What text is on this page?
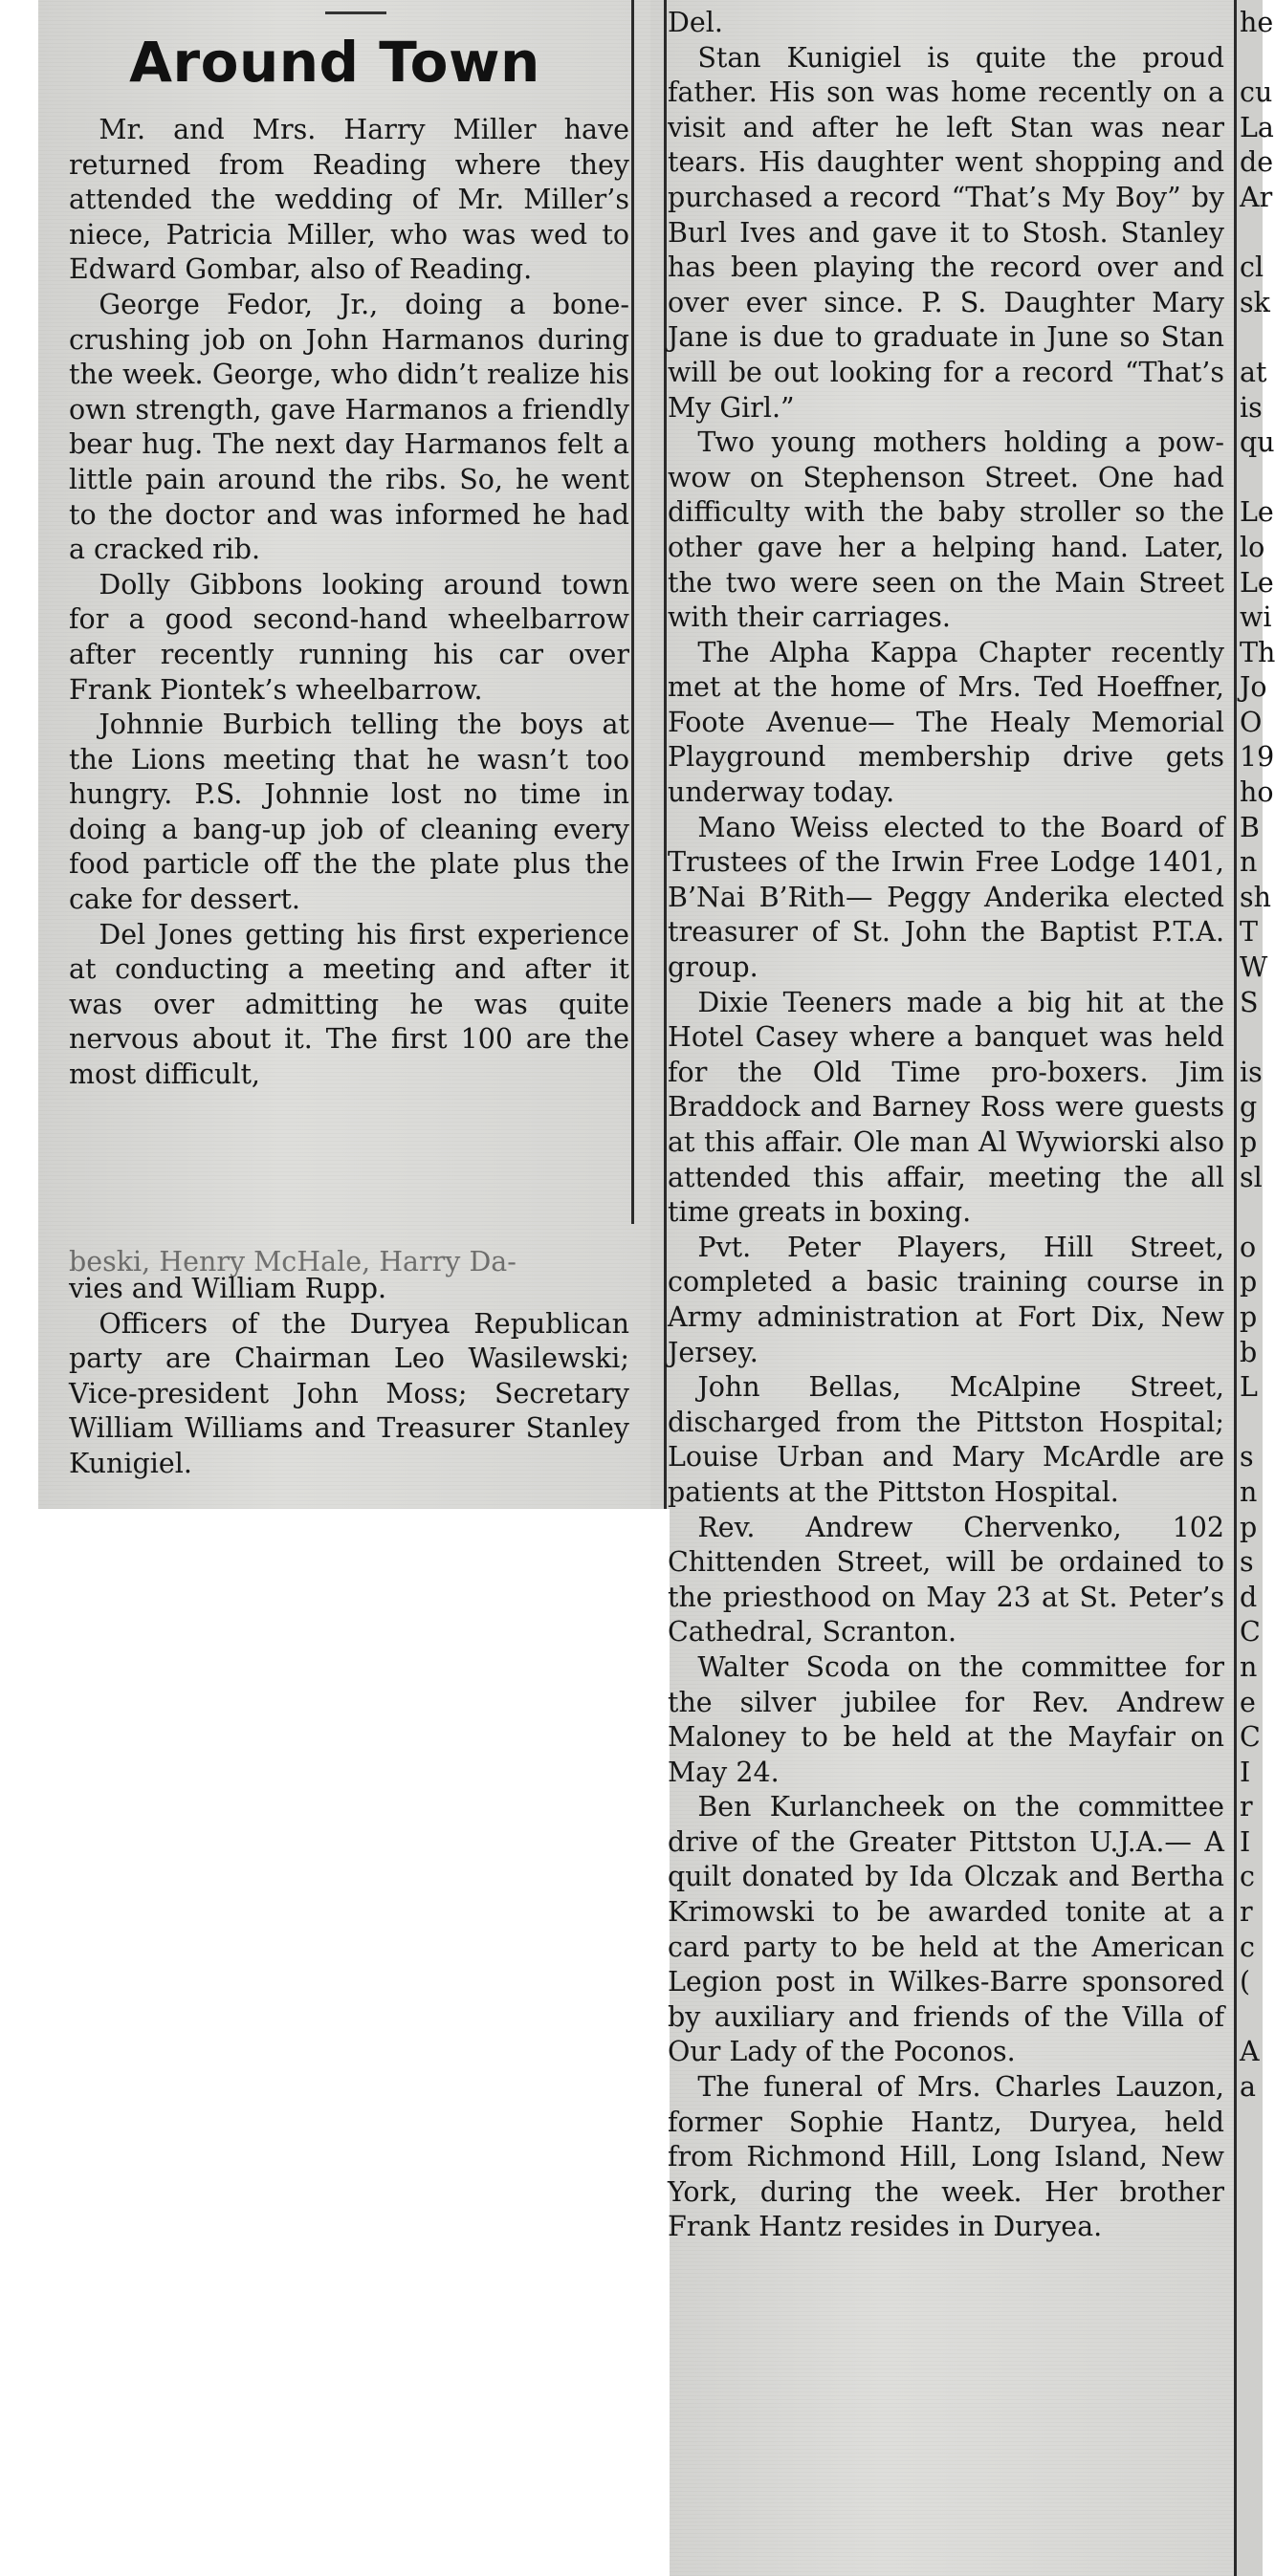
Around Town

Mr. and Mrs. Harry Miller have returned from Reading where they attended the wedding of Mr. Miller’s niece, Patricia Miller, who was wed to Edward Gombar, also of Reading.

George Fedor, Jr., doing a bone-crushing job on John Harmanos during the week. George, who didn’t realize his own strength, gave Harmanos a friendly bear hug. The next day Harmanos felt a little pain around the ribs. So, he went to the doctor and was informed he had a cracked rib.

Dolly Gibbons looking around town for a good second-hand wheelbarrow after recently running his car over Frank Piontek’s wheelbarrow.

Johnnie Burbich telling the boys at the Lions meeting that he wasn’t too hungry. P.S. Johnnie lost no time in doing a bang-up job of cleaning every food particle off the the plate plus the cake for dessert.

Del Jones getting his first experience at conducting a meeting and after it was over admitting he was quite nervous about it. The first 100 are the most difficult,

beski, Henry McHale, Harry Da-

vies and William Rupp.

Officers of the Duryea Republican party are Chairman Leo Wasilewski; Vice-president John Moss; Secretary William Williams and Treasurer Stanley Kunigiel.

Del.

Stan Kunigiel is quite the proud father. His son was home recently on a visit and after he left Stan was near tears. His daughter went shopping and purchased a record “That’s My Boy” by Burl Ives and gave it to Stosh. Stanley has been playing the record over and over ever since. P. S. Daughter Mary Jane is due to graduate in June so Stan will be out looking for a record “That’s My Girl.”

Two young mothers holding a pow-wow on Stephenson Street. One had difficulty with the baby stroller so the other gave her a helping hand. Later, the two were seen on the Main Street with their carriages.

The Alpha Kappa Chapter recently met at the home of Mrs. Ted Hoeffner, Foote Avenue— The Healy Memorial Playground membership drive gets underway today.

Mano Weiss elected to the Board of Trustees of the Irwin Free Lodge 1401, B’Nai B’Rith— Peggy Anderika elected treasurer of St. John the Baptist P.T.A. group.

Dixie Teeners made a big hit at the Hotel Casey where a banquet was held for the Old Time pro-boxers. Jim Braddock and Barney Ross were guests at this affair. Ole man Al Wywiorski also attended this affair, meeting the all time greats in boxing.

Pvt. Peter Players, Hill Street, completed a basic training course in Army administration at Fort Dix, New Jersey.

John Bellas, McAlpine Street, discharged from the Pittston Hospital; Louise Urban and Mary McArdle are patients at the Pittston Hospital.

Rev. Andrew Chervenko, 102 Chittenden Street, will be ordained to the priesthood on May 23 at St. Peter’s Cathedral, Scranton.

Walter Scoda on the committee for the silver jubilee for Rev. Andrew Maloney to be held at the Mayfair on May 24.

Ben Kurlancheek on the committee drive of the Greater Pittston U.J.A.— A quilt donated by Ida Olczak and Bertha Krimowski to be awarded tonite at a card party to be held at the American Legion post in Wilkes-Barre sponsored by auxiliary and friends of the Villa of Our Lady of the Poconos.

The funeral of Mrs. Charles Lauzon, former Sophie Hantz, Duryea, held from Richmond Hill, Long Island, New York, during the week. Her brother Frank Hantz resides in Duryea.

he

cu
La
de
Ar

cl
sk

at
is
qu

Le
lo
Le
wi
Th
Jo
O
19
ho
B
n
sh
T
W
S

is
g
p
sl

o
p
p
b
L

s
n
p
s
d
C
n
e
C
I
r
I
c
r
c
(

A
a
